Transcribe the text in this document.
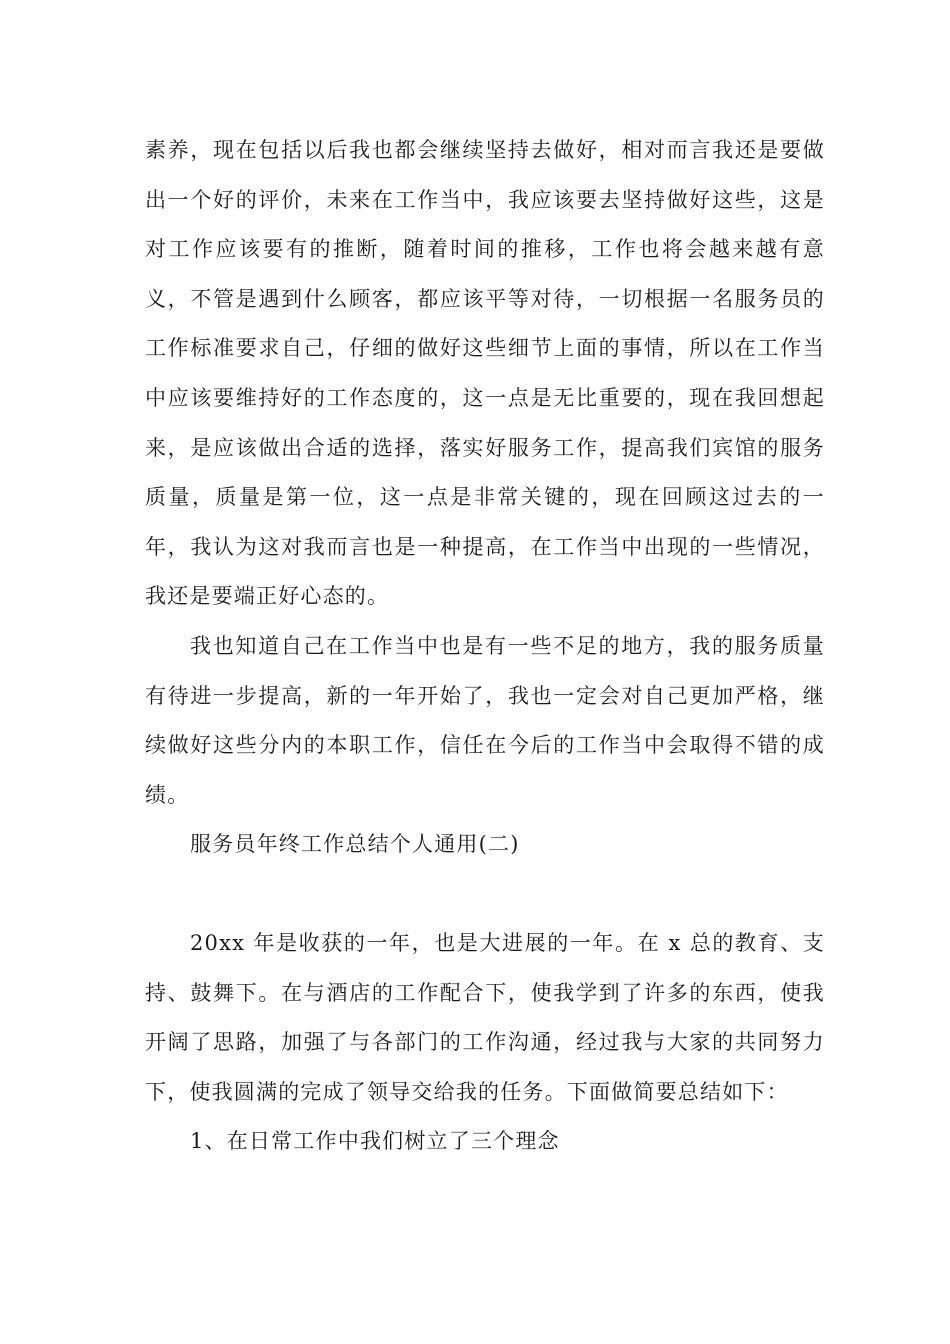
素养，现在包括以后我也都会继续坚持去做好，相对而言我还是要做出一个好的评价，未来在工作当中，我应该要去坚持做好这些，这是对工作应该要有的推断，随着时间的推移，工作也将会越来越有意义，不管是遇到什么顾客，都应该平等对待，一切根据一名服务员的工作标准要求自己，仔细的做好这些细节上面的事情，所以在工作当中应该要维持好的工作态度的，这一点是无比重要的，现在我回想起来，是应该做出合适的选择，落实好服务工作，提高我们宾馆的服务质量，质量是第一位，这一点是非常关键的，现在回顾这过去的一年，我认为这对我而言也是一种提高，在工作当中出现的一些情况，我还是要端正好心态的。

我也知道自己在工作当中也是有一些不足的地方，我的服务质量有待进一步提高，新的一年开始了，我也一定会对自己更加严格，继续做好这些分内的本职工作，信任在今后的工作当中会取得不错的成绩。

服务员年终工作总结个人通用(二)

20xx 年是收获的一年，也是大进展的一年。在 x 总的教育、支持、鼓舞下。在与酒店的工作配合下，使我学到了许多的东西，使我开阔了思路，加强了与各部门的工作沟通，经过我与大家的共同努力下，使我圆满的完成了领导交给我的任务。下面做简要总结如下：

1、在日常工作中我们树立了三个理念
